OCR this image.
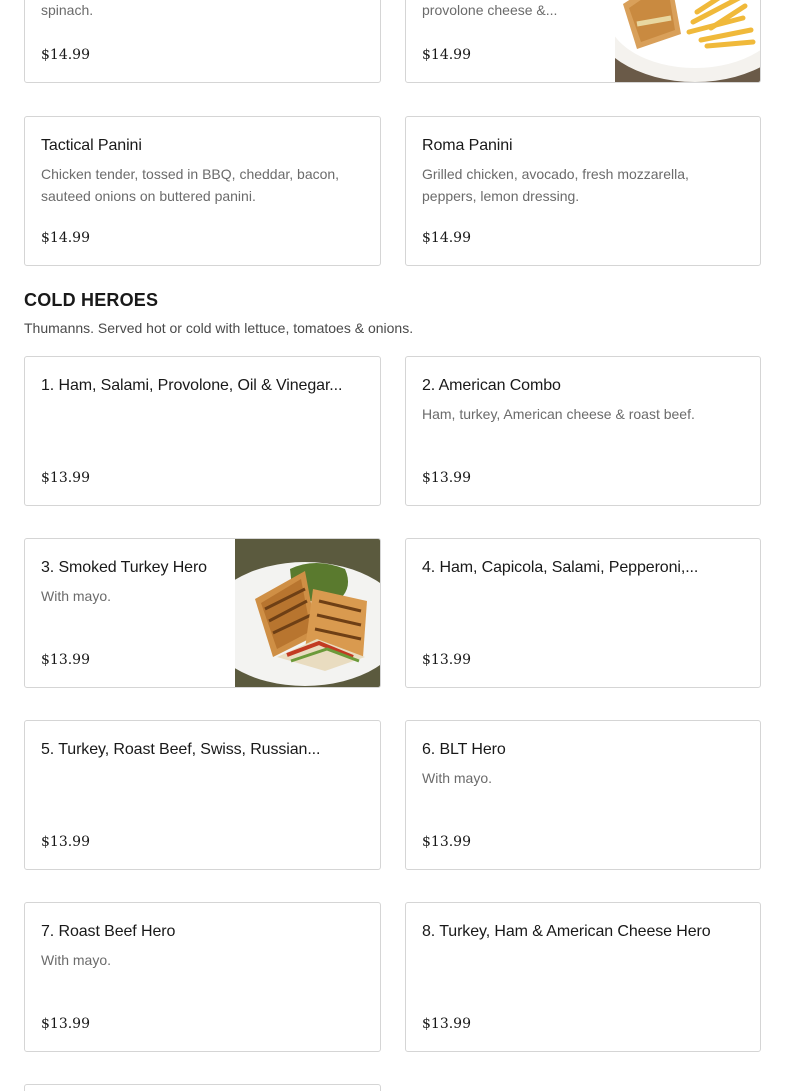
spinach.
$14.99
provolone cheese &...
$14.99
Tactical Panini
Chicken tender, tossed in BBQ, cheddar, bacon, sauteed onions on buttered panini.
$14.99
Roma Panini
Grilled chicken, avocado, fresh mozzarella, peppers, lemon dressing.
$14.99
COLD HEROES
Thumanns. Served hot or cold with lettuce, tomatoes & onions.
1. Ham, Salami, Provolone, Oil & Vinegar...
$13.99
2. American Combo
Ham, turkey, American cheese & roast beef.
$13.99
3. Smoked Turkey Hero
With mayo.
$13.99
4. Ham, Capicola, Salami, Pepperoni,...
$13.99
5. Turkey, Roast Beef, Swiss, Russian...
$13.99
6. BLT Hero
With mayo.
$13.99
7. Roast Beef Hero
With mayo.
$13.99
8. Turkey, Ham & American Cheese Hero
$13.99
